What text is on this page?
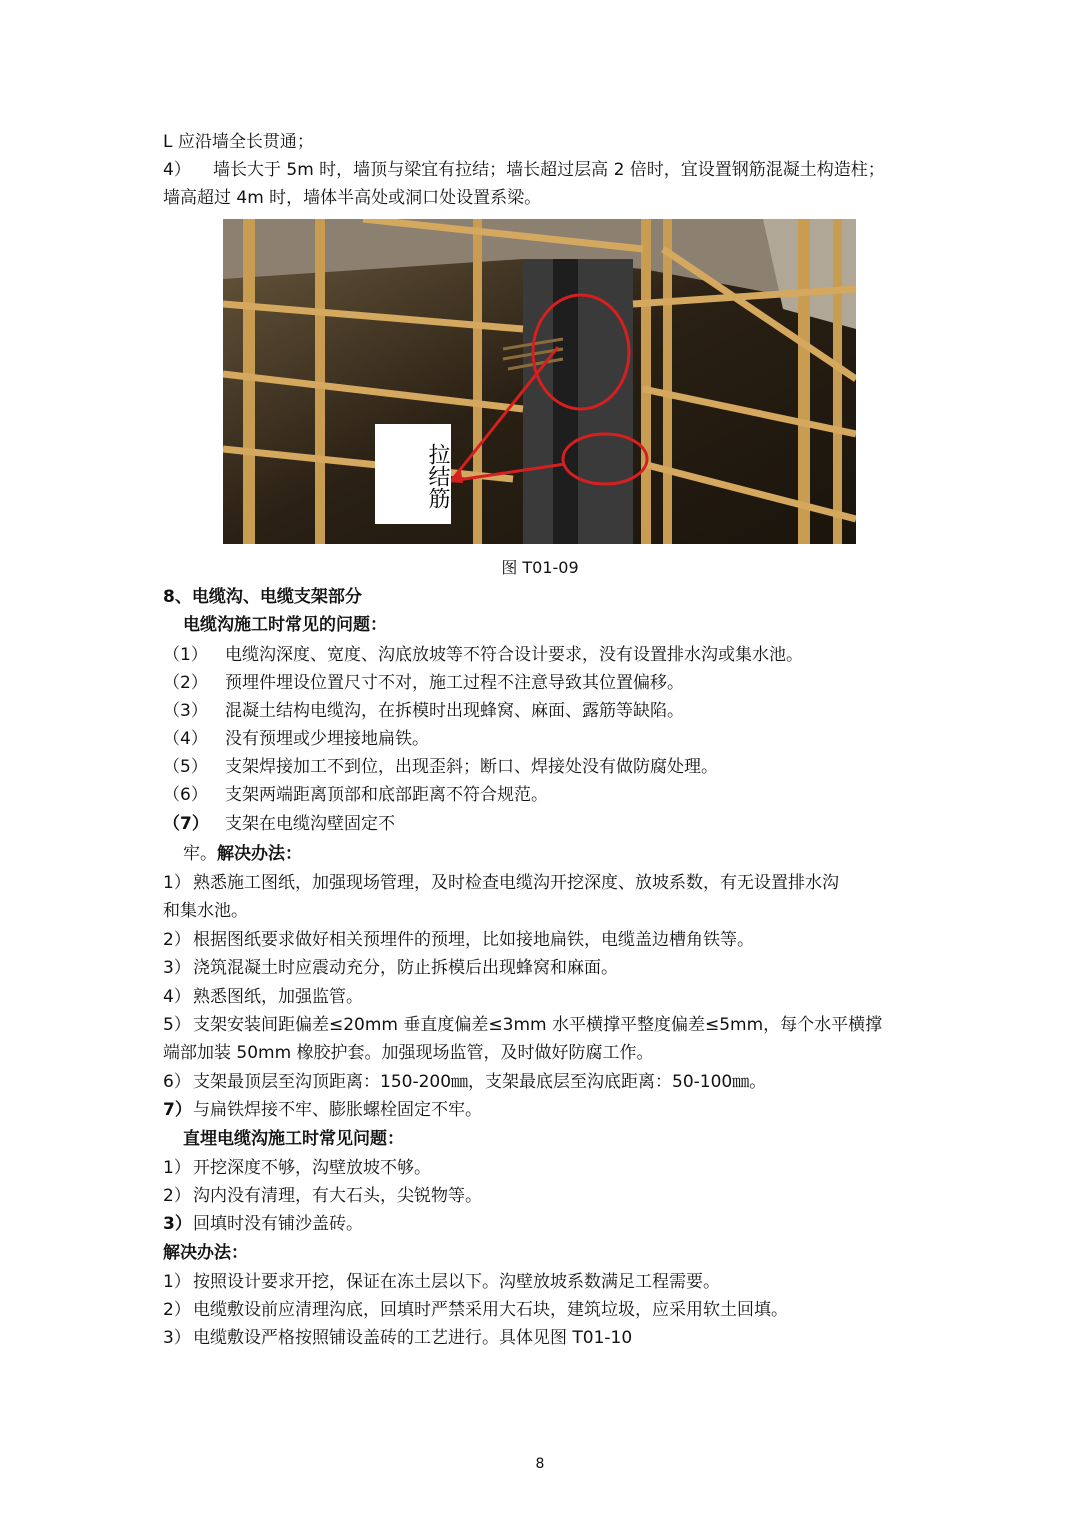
L 应沿墙全长贯通；
4） 墙长大于 5m 时，墙顶与梁宜有拉结；墙长超过层高 2 倍时，宜设置钢筋混凝土构造柱；
墙高超过 4m 时，墙体半高处或洞口处设置系梁。
拉结筋
图 T01-09
8、电缆沟、电缆支架部分
电缆沟施工时常见的问题：
（1） 电缆沟深度、宽度、沟底放坡等不符合设计要求，没有设置排水沟或集水池。
（2） 预埋件埋设位置尺寸不对，施工过程不注意导致其位置偏移。
（3） 混凝土结构电缆沟，在拆模时出现蜂窝、麻面、露筋等缺陷。
（4） 没有预埋或少埋接地扁铁。
（5） 支架焊接加工不到位，出现歪斜；断口、焊接处没有做防腐处理。
（6） 支架两端距离顶部和底部距离不符合规范。
（7） 支架在电缆沟壁固定不
牢。解决办法：
1） 熟悉施工图纸，加强现场管理，及时检查电缆沟开挖深度、放坡系数，有无设置排水沟
和集水池。
2） 根据图纸要求做好相关预埋件的预埋，比如接地扁铁，电缆盖边槽角铁等。
3） 浇筑混凝土时应震动充分，防止拆模后出现蜂窝和麻面。
4） 熟悉图纸，加强监管。
5） 支架安装间距偏差≤20mm 垂直度偏差≤3mm 水平横撑平整度偏差≤5mm，每个水平横撑
端部加装 50mm 橡胶护套。加强现场监管，及时做好防腐工作。
6） 支架最顶层至沟顶距离：150-200㎜，支架最底层至沟底距离：50-100㎜。
7）与扁铁焊接不牢、膨胀螺栓固定不牢。
直埋电缆沟施工时常见问题：
1） 开挖深度不够，沟壁放坡不够。
2） 沟内没有清理，有大石头，尖锐物等。
3）回填时没有铺沙盖砖。
解决办法：
1） 按照设计要求开挖，保证在冻土层以下。沟壁放坡系数满足工程需要。
2） 电缆敷设前应清理沟底，回填时严禁采用大石块，建筑垃圾，应采用软土回填。
3） 电缆敷设严格按照铺设盖砖的工艺进行。具体见图 T01-10
8
